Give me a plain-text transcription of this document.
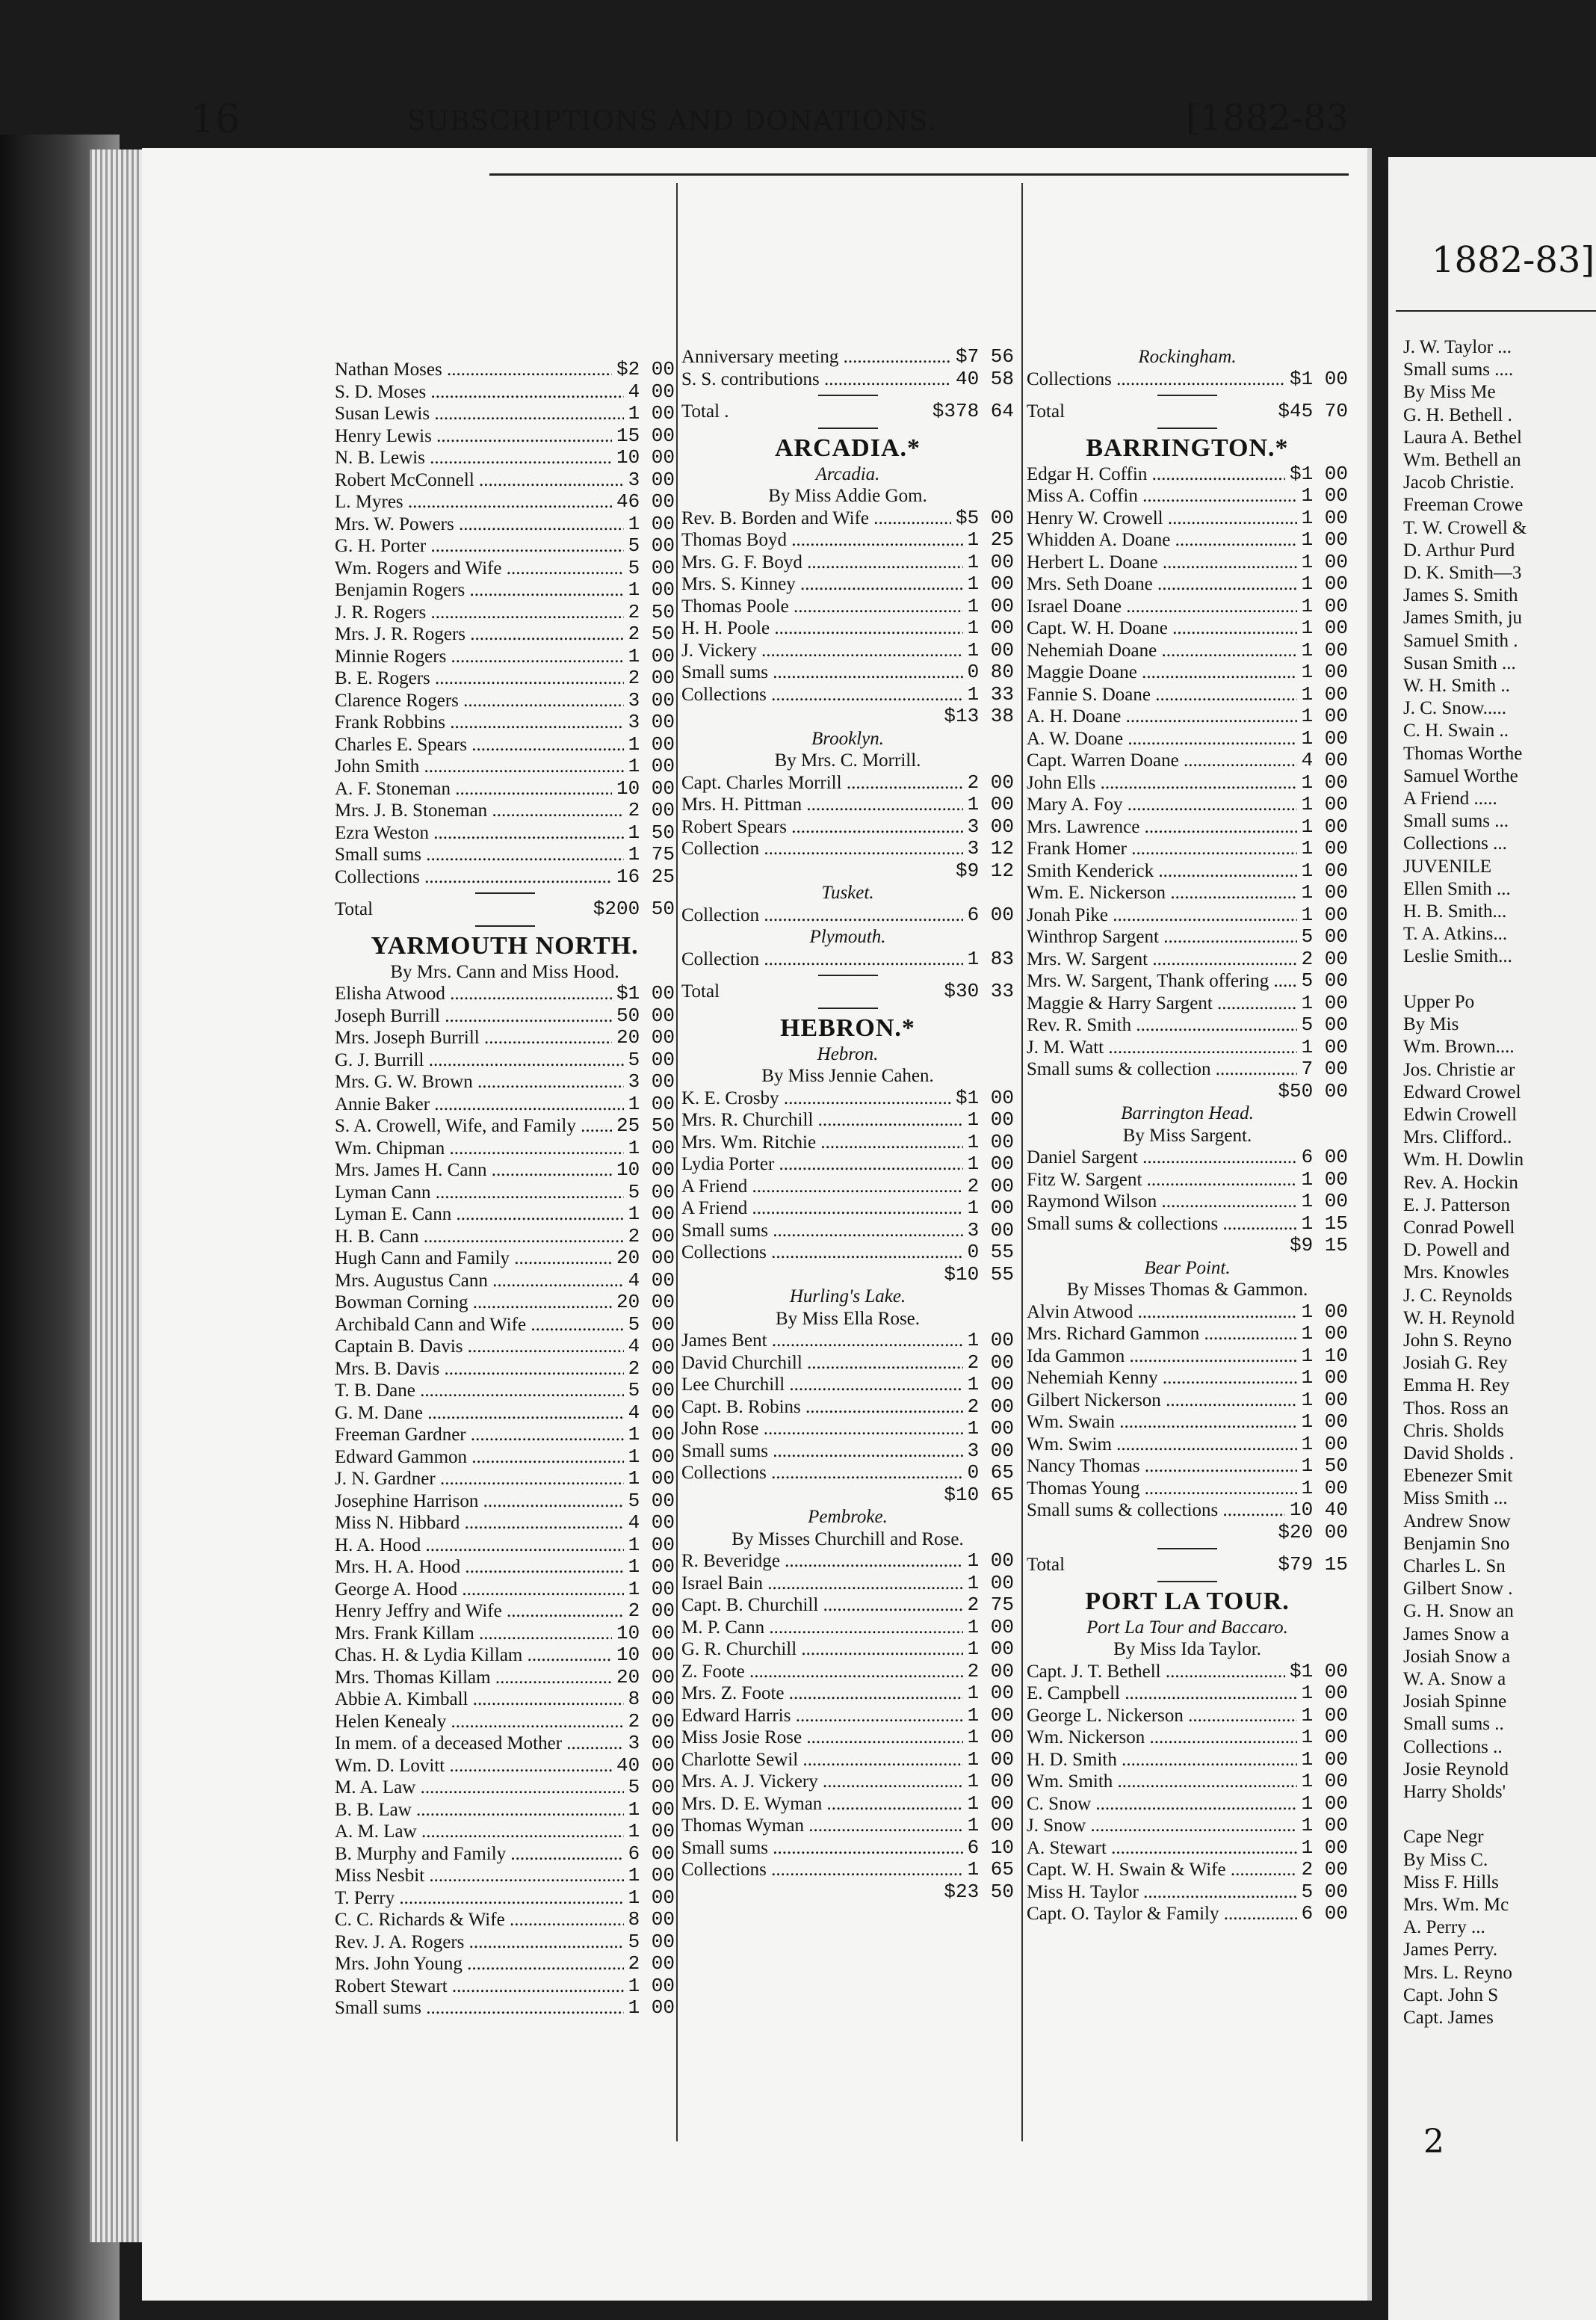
16	SUBSCRIPTIONS AND DONATIONS.	[1882-83
Nathan Moses .....	$2 00
S. D. Moses .....	4 00
Susan Lewis .....	1 00
Henry Lewis .....	15 00
N. B. Lewis .....	10 00
Robert McConnell .....	3 00
L. Myres .....	46 00
Mrs. W. Powers .....	1 00
G. H. Porter .....	5 00
Wm. Rogers and Wife .....	5 00
Benjamin Rogers .....	1 00
J. R. Rogers .....	2 50
Mrs. J. R. Rogers .....	2 50
Minnie Rogers .....	1 00
B. E. Rogers .....	2 00
Clarence Rogers .....	3 00
Frank Robbins .....	3 00
Charles E. Spears .....	1 00
John Smith .....	1 00
A. F. Stoneman .....	10 00
Mrs. J. B. Stoneman .....	2 00
Ezra Weston .....	1 50
Small sums .....	1 75
Collections .....	16 25
Total	$200 50
YARMOUTH NORTH.
By Mrs. Cann and Miss Hood.
Elisha Atwood .....	$1 00
Joseph Burrill .....	50 00
Mrs. Joseph Burrill .....	20 00
G. J. Burrill .....	5 00
Mrs. G. W. Brown .....	3 00
Annie Baker .....	1 00
S. A. Crowell, Wife, and Family .....	25 50
Wm. Chipman .....	1 00
Mrs. James H. Cann .....	10 00
Lyman Cann .....	5 00
Lyman E. Cann .....	1 00
H. B. Cann .....	2 00
Hugh Cann and Family .....	20 00
Mrs. Augustus Cann .....	4 00
Bowman Corning .....	20 00
Archibald Cann and Wife .....	5 00
Captain B. Davis .....	4 00
Mrs. B. Davis .....	2 00
T. B. Dane .....	5 00
G. M. Dane .....	4 00
Freeman Gardner .....	1 00
Edward Gammon .....	1 00
J. N. Gardner .....	1 00
Josephine Harrison .....	5 00
Miss N. Hibbard .....	4 00
H. A. Hood .....	1 00
Mrs. H. A. Hood .....	1 00
George A. Hood .....	1 00
Henry Jeffry and Wife .....	2 00
Mrs. Frank Killam .....	10 00
Chas. H. & Lydia Killam .....	10 00
Mrs. Thomas Killam .....	20 00
Abbie A. Kimball .....	8 00
Helen Kenealy .....	2 00
In mem. of a deceased Mother .....	3 00
Wm. D. Lovitt .....	40 00
M. A. Law .....	5 00
B. B. Law .....	1 00
A. M. Law .....	1 00
B. Murphy and Family .....	6 00
Miss Nesbit .....	1 00
T. Perry .....	1 00
C. C. Richards & Wife .....	8 00
Rev. J. A. Rogers .....	5 00
Mrs. John Young .....	2 00
Robert Stewart .....	1 00
Small sums .....	1 00
Anniversary meeting .....	$7 56
S. S. contributions .....	40 58
Total .	$378 64
ARCADIA.*
Arcadia.
By Miss Addie Gom.
Rev. B. Borden and Wife .....	$5 00
Thomas Boyd .....	1 25
Mrs. G. F. Boyd .....	1 00
Mrs. S. Kinney .....	1 00
Thomas Poole .....	1 00
H. H. Poole .....	1 00
J. Vickery .....	1 00
Small sums .....	0 80
Collections .....	1 33
$13 38
Brooklyn.
By Mrs. C. Morrill.
Capt. Charles Morrill .....	2 00
Mrs. H. Pittman .....	1 00
Robert Spears .....	3 00
Collection .....	3 12
$9 12
Tusket.
Collection .....	6 00
Plymouth.
Collection .....	1 83
Total	$30 33
HEBRON.*
Hebron.
By Miss Jennie Cahen.
K. E. Crosby .....	$1 00
Mrs. R. Churchill .....	1 00
Mrs. Wm. Ritchie .....	1 00
Lydia Porter .....	1 00
A Friend .....	2 00
A Friend .....	1 00
Small sums .....	3 00
Collections .....	0 55
$10 55
Hurling's Lake.
By Miss Ella Rose.
James Bent .....	1 00
David Churchill .....	2 00
Lee Churchill .....	1 00
Capt. B. Robins .....	2 00
John Rose .....	1 00
Small sums .....	3 00
Collections .....	0 65
$10 65
Pembroke.
By Misses Churchill and Rose.
R. Beveridge .....	1 00
Israel Bain .....	1 00
Capt. B. Churchill .....	2 75
M. P. Cann .....	1 00
G. R. Churchill .....	1 00
Z. Foote .....	2 00
Mrs. Z. Foote .....	1 00
Edward Harris .....	1 00
Miss Josie Rose .....	1 00
Charlotte Sewil .....	1 00
Mrs. A. J. Vickery .....	1 00
Mrs. D. E. Wyman .....	1 00
Thomas Wyman .....	1 00
Small sums .....	6 10
Collections .....	1 65
$23 50
Rockingham.
Collections .....	$1 00
Total	$45 70
BARRINGTON.*
Edgar H. Coffin .....	$1 00
Miss A. Coffin .....	1 00
Henry W. Crowell .....	1 00
Whidden A. Doane .....	1 00
Herbert L. Doane .....	1 00
Mrs. Seth Doane .....	1 00
Israel Doane .....	1 00
Capt. W. H. Doane .....	1 00
Nehemiah Doane .....	1 00
Maggie Doane .....	1 00
Fannie S. Doane .....	1 00
A. H. Doane .....	1 00
A. W. Doane .....	1 00
Capt. Warren Doane .....	4 00
John Ells .....	1 00
Mary A. Foy .....	1 00
Mrs. Lawrence .....	1 00
Frank Homer .....	1 00
Smith Kenderick .....	1 00
Wm. E. Nickerson .....	1 00
Jonah Pike .....	1 00
Winthrop Sargent .....	5 00
Mrs. W. Sargent .....	2 00
Mrs. W. Sargent, Thank offering .....	5 00
Maggie & Harry Sargent .....	1 00
Rev. R. Smith .....	5 00
J. M. Watt .....	1 00
Small sums & collection .....	7 00
$50 00
Barrington Head.
By Miss Sargent.
Daniel Sargent .....	6 00
Fitz W. Sargent .....	1 00
Raymond Wilson .....	1 00
Small sums & collections .....	1 15
$9 15
Bear Point.
By Misses Thomas & Gammon.
Alvin Atwood .....	1 00
Mrs. Richard Gammon .....	1 00
Ida Gammon .....	1 10
Nehemiah Kenny .....	1 00
Gilbert Nickerson .....	1 00
Wm. Swain .....	1 00
Wm. Swim .....	1 00
Nancy Thomas .....	1 50
Thomas Young .....	1 00
Small sums & collections .....	10 40
$20 00
Total	$79 15
PORT LA TOUR.
Port La Tour and Baccaro.
By Miss Ida Taylor.
Capt. J. T. Bethell .....	$1 00
E. Campbell .....	1 00
George L. Nickerson .....	1 00
Wm. Nickerson .....	1 00
H. D. Smith .....	1 00
Wm. Smith .....	1 00
C. Snow .....	1 00
J. Snow .....	1 00
A. Stewart .....	1 00
Capt. W. H. Swain & Wife .....	2 00
Miss H. Taylor .....	5 00
Capt. O. Taylor & Family .....	6 00
1882-83]
J. W. Taylor ...
Small sums ....
By Miss Me
G. H. Bethell .
Laura A. Bethel
Wm. Bethell an
Jacob Christie.
Freeman Crowe
T. W. Crowell &
D. Arthur Purd
D. K. Smith—3
James S. Smith
James Smith, ju
Samuel Smith .
Susan Smith ...
W. H. Smith ..
J. C. Snow.....
C. H. Swain ..
Thomas Worthe
Samuel Worthe
A Friend .....
Small sums ...
Collections ...
JUVENILE
Ellen Smith ...
H. B. Smith...
T. A. Atkins...
Leslie Smith...

Upper Po
By Mis
Wm. Brown....
Jos. Christie ar
Edward Crowel
Edwin Crowell
Mrs. Clifford..
Wm. H. Dowlin
Rev. A. Hockin
E. J. Patterson
Conrad Powell
D. Powell and
Mrs. Knowles
J. C. Reynolds
W. H. Reynold
John S. Reyno
Josiah G. Rey
Emma H. Rey
Thos. Ross an
Chris. Sholds
David Sholds .
Ebenezer Smit
Miss Smith ...
Andrew Snow
Benjamin Sno
Charles L. Sn
Gilbert Snow .
G. H. Snow an
James Snow a
Josiah Snow a
W. A. Snow a
Josiah Spinne
Small sums ..
Collections ..
Josie Reynold
Harry Sholds'

Cape Negr
By Miss C.
Miss F. Hills
Mrs. Wm. Mc
A. Perry ...
James Perry.
Mrs. L. Reyno
Capt. John S
Capt. James
2
